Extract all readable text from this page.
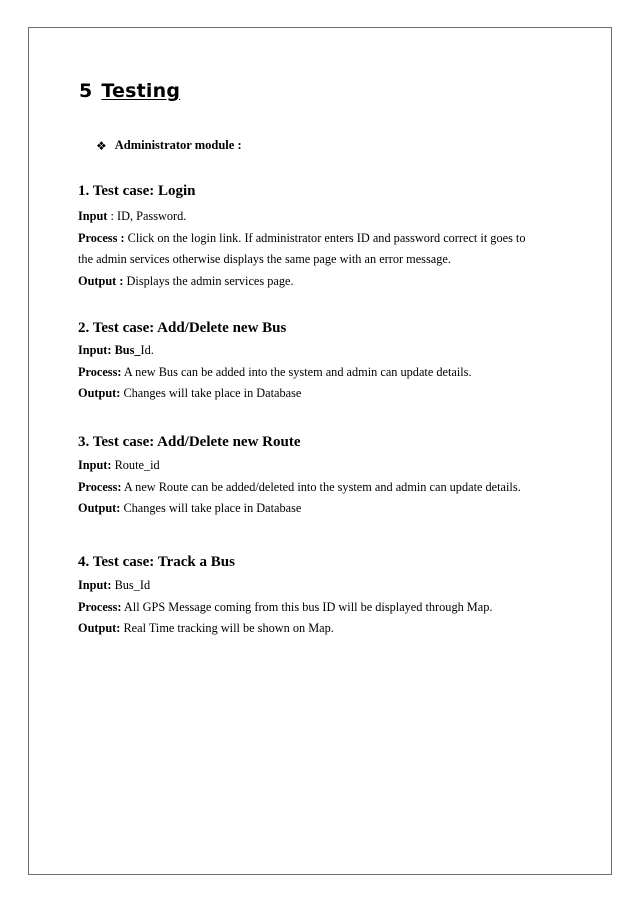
5 Testing
❖ Administrator module :
1. Test case: Login
Input : ID, Password.
Process : Click on the login link. If administrator enters ID and password correct it goes to
the admin services otherwise displays the same page with an error message.
Output : Displays the admin services page.
2. Test case: Add/Delete new Bus
Input: Bus_Id.
Process: A new Bus can be added into the system and admin can update details.
Output: Changes will take place in Database
3. Test case: Add/Delete new Route
Input: Route_id
Process: A new Route can be added/deleted into the system and admin can update details.
Output: Changes will take place in Database
4. Test case: Track a Bus
Input: Bus_Id
Process: All GPS Message coming from this bus ID will be displayed through Map.
Output: Real Time tracking will be shown on Map.
